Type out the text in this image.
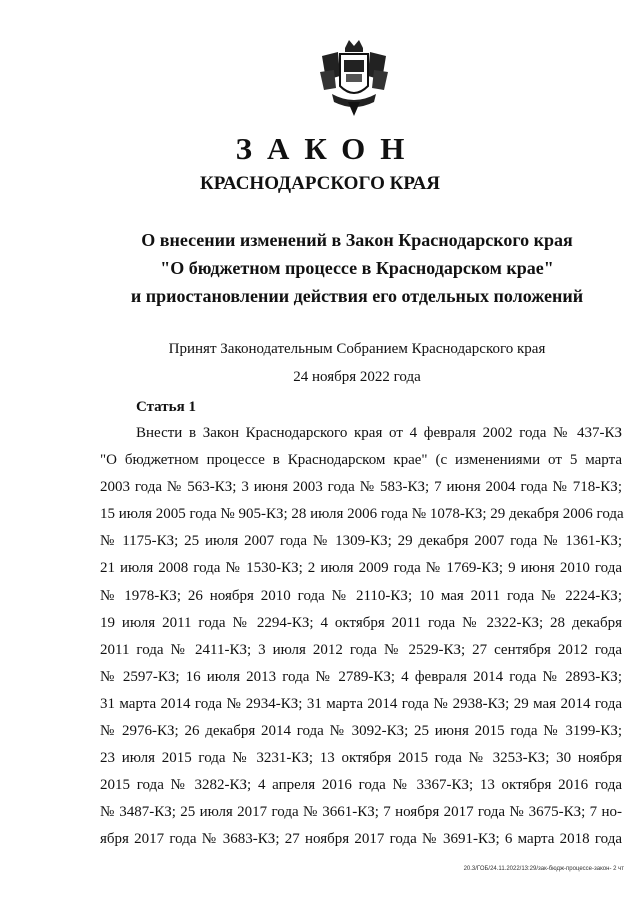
ЗАКОН
КРАСНОДАРСКОГО КРАЯ
О внесении изменений в Закон Краснодарского края
"О бюджетном процессе в Краснодарском крае"
и приостановлении действия его отдельных положений
Принят Законодательным Собранием Краснодарского края
24 ноября 2022 года
Статья 1
Внести в Закон Краснодарского края от 4 февраля 2002 года № 437-КЗ
"О бюджетном процессе в Краснодарском крае" (с изменениями от 5 марта
2003 года № 563-КЗ; 3 июня 2003 года № 583-КЗ; 7 июня 2004 года № 718-КЗ;
15 июля 2005 года № 905-КЗ; 28 июля 2006 года № 1078-КЗ; 29 декабря 2006 года
№ 1175-КЗ; 25 июля 2007 года № 1309-КЗ; 29 декабря 2007 года № 1361-КЗ;
21 июля 2008 года № 1530-КЗ; 2 июля 2009 года № 1769-КЗ; 9 июня 2010 года
№ 1978-КЗ; 26 ноября 2010 года № 2110-КЗ; 10 мая 2011 года № 2224-КЗ;
19 июля 2011 года № 2294-КЗ; 4 октября 2011 года № 2322-КЗ; 28 декабря
2011 года № 2411-КЗ; 3 июля 2012 года № 2529-КЗ; 27 сентября 2012 года
№ 2597-КЗ; 16 июля 2013 года № 2789-КЗ; 4 февраля 2014 года № 2893-КЗ;
31 марта 2014 года № 2934-КЗ; 31 марта 2014 года № 2938-КЗ; 29 мая 2014 года
№ 2976-КЗ; 26 декабря 2014 года № 3092-КЗ; 25 июня 2015 года № 3199-КЗ;
23 июля 2015 года № 3231-КЗ; 13 октября 2015 года № 3253-КЗ; 30 ноября
2015 года № 3282-КЗ; 4 апреля 2016 года № 3367-КЗ; 13 октября 2016 года
№ 3487-КЗ; 25 июля 2017 года № 3661-КЗ; 7 ноября 2017 года № 3675-КЗ; 7 но-
ября 2017 года № 3683-КЗ; 27 ноября 2017 года № 3691-КЗ; 6 марта 2018 года
20.3/ГОБ/24.11.2022/13:29/зак-бюдж-процессе-закон- 2 чт
